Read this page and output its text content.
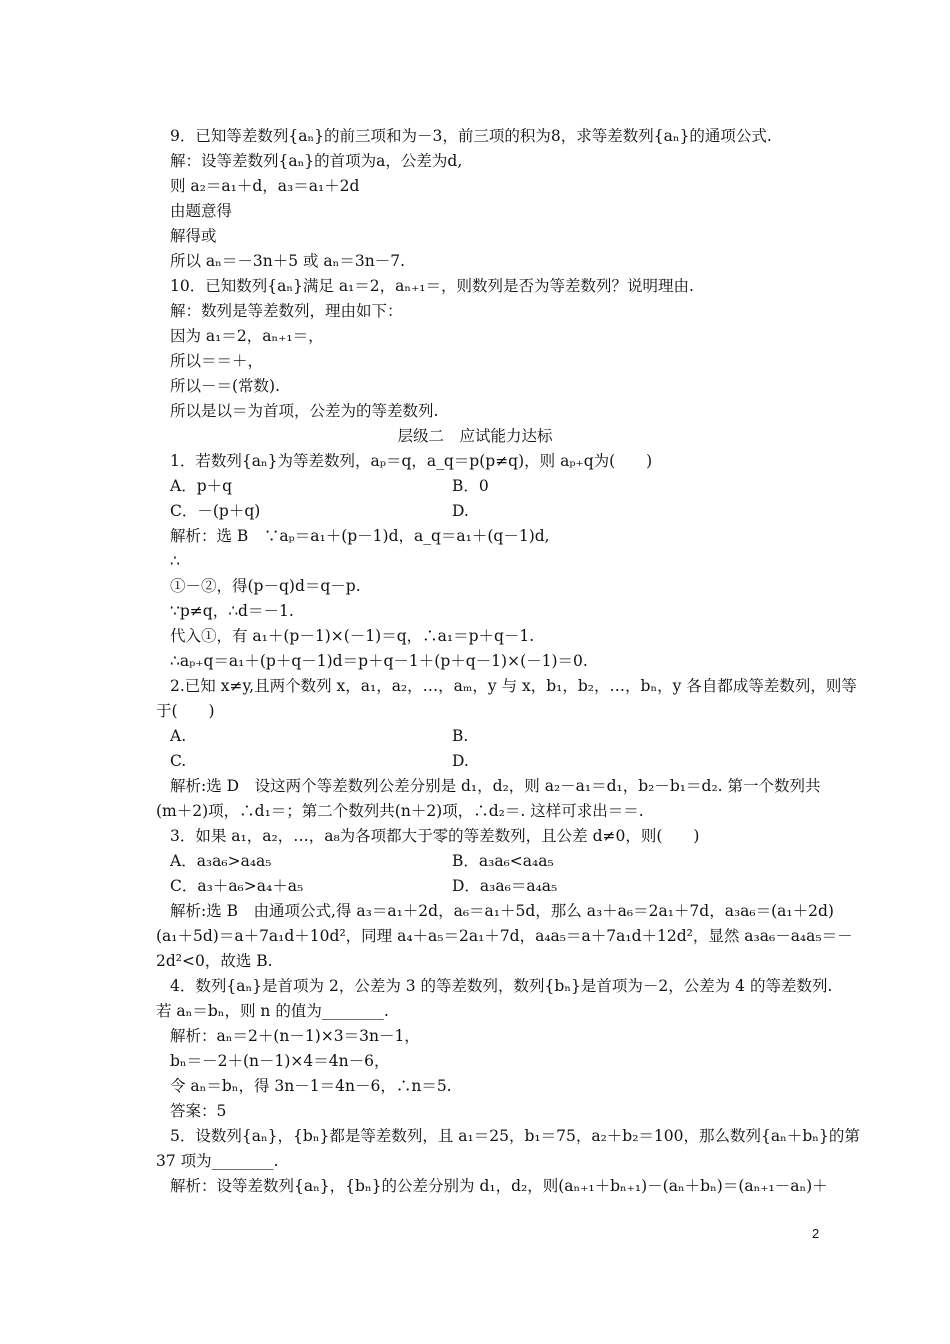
9．已知等差数列{aₙ}的前三项和为－3，前三项的积为8，求等差数列{aₙ}的通项公式.
解：设等差数列{aₙ}的首项为a，公差为d,
则 a₂＝a₁＋d，a₃＝a₁＋2d
由题意得
解得或
所以 aₙ＝－3n＋5 或 aₙ＝3n－7.
10．已知数列{aₙ}满足 a₁＝2，aₙ₊₁＝，则数列是否为等差数列？说明理由.
解：数列是等差数列，理由如下：
因为 a₁＝2，aₙ₊₁＝，
所以＝＝＋，
所以－＝(常数).
所以是以＝为首项，公差为的等差数列.
层级二　应试能力达标
1．若数列{aₙ}为等差数列，aₚ＝q，a_q＝p(p≠q)，则 aₚ₊q为(　　)
A．p＋q	B．0
C．－(p＋q)	D.
解析：选 B　∵aₚ＝a₁＋(p－1)d，a_q＝a₁＋(q－1)d,
∴
①－②，得(p－q)d＝q－p.
∵p≠q，∴d＝－1.
代入①，有 a₁＋(p－1)×(－1)＝q，∴a₁＝p＋q－1.
∴aₚ₊q＝a₁＋(p＋q－1)d＝p＋q－1＋(p＋q－1)×(－1)＝0.
2.已知 x≠y,且两个数列 x，a₁，a₂，…，aₘ，y 与 x，b₁，b₂，…，bₙ，y 各自都成等差数列，则等
于(　　)
A.	B.
C.	D.
解析:选 D　设这两个等差数列公差分别是 d₁，d₂，则 a₂－a₁＝d₁，b₂－b₁＝d₂. 第一个数列共
(m＋2)项，∴d₁＝；第二个数列共(n＋2)项，∴d₂＝. 这样可求出＝＝.
3．如果 a₁，a₂，…，a₈为各项都大于零的等差数列，且公差 d≠0，则(　　)
A．a₃a₆>a₄a₅	B．a₃a₆<a₄a₅
C．a₃＋a₆>a₄＋a₅	D．a₃a₆＝a₄a₅
解析:选 B　由通项公式,得 a₃＝a₁＋2d，a₆＝a₁＋5d，那么 a₃＋a₆＝2a₁＋7d，a₃a₆＝(a₁＋2d)
(a₁＋5d)＝a＋7a₁d＋10d²，同理 a₄＋a₅＝2a₁＋7d，a₄a₅＝a＋7a₁d＋12d²，显然 a₃a₆－a₄a₅＝－
2d²<0，故选 B.
4．数列{aₙ}是首项为 2，公差为 3 的等差数列，数列{bₙ}是首项为－2，公差为 4 的等差数列.
若 aₙ＝bₙ，则 n 的值为________.
解析：aₙ＝2＋(n－1)×3＝3n－1，
bₙ＝－2＋(n－1)×4＝4n－6，
令 aₙ＝bₙ，得 3n－1＝4n－6，∴n＝5.
答案：5
5．设数列{aₙ}，{bₙ}都是等差数列，且 a₁＝25，b₁＝75，a₂＋b₂＝100，那么数列{aₙ＋bₙ}的第
37 项为________.
解析：设等差数列{aₙ}，{bₙ}的公差分别为 d₁，d₂，则(aₙ₊₁＋bₙ₊₁)－(aₙ＋bₙ)＝(aₙ₊₁－aₙ)＋
2
